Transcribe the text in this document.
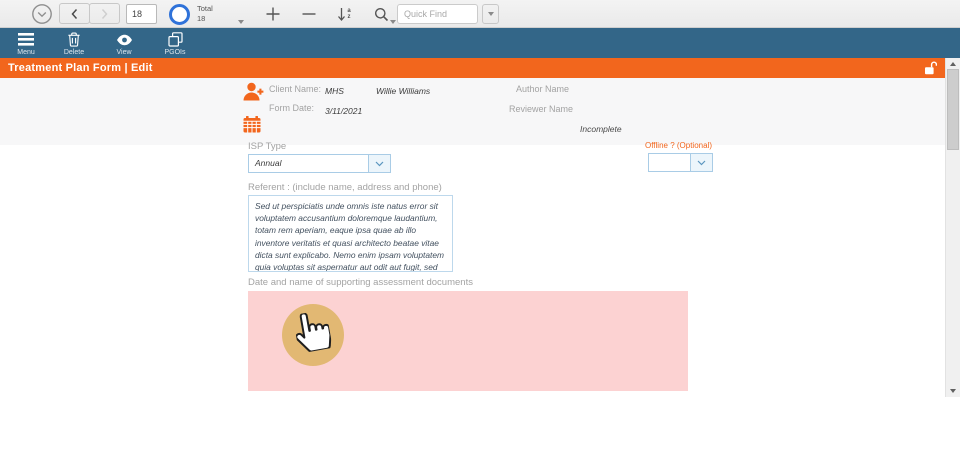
18
Total
18
a
z
Quick Find
Menu	Delete	View	PGOIs
Treatment Plan Form | Edit
Client Name: MHS	Willie Williams
Form Date: 3/11/2021
Author Name
Reviewer Name
Incomplete
ISP Type
Annual
Offline ? (Optional)
Referent : (include name, address and phone)
Sed ut perspiciatis unde omnis iste natus error sit voluptatem accusantium doloremque laudantium, totam rem aperiam, eaque ipsa quae ab illo inventore veritatis et quasi architecto beatae vitae dicta sunt explicabo. Nemo enim ipsam voluptatem quia voluptas sit aspernatur aut odit aut fugit, sed quia consequuntur
Date and name of supporting assessment documents
